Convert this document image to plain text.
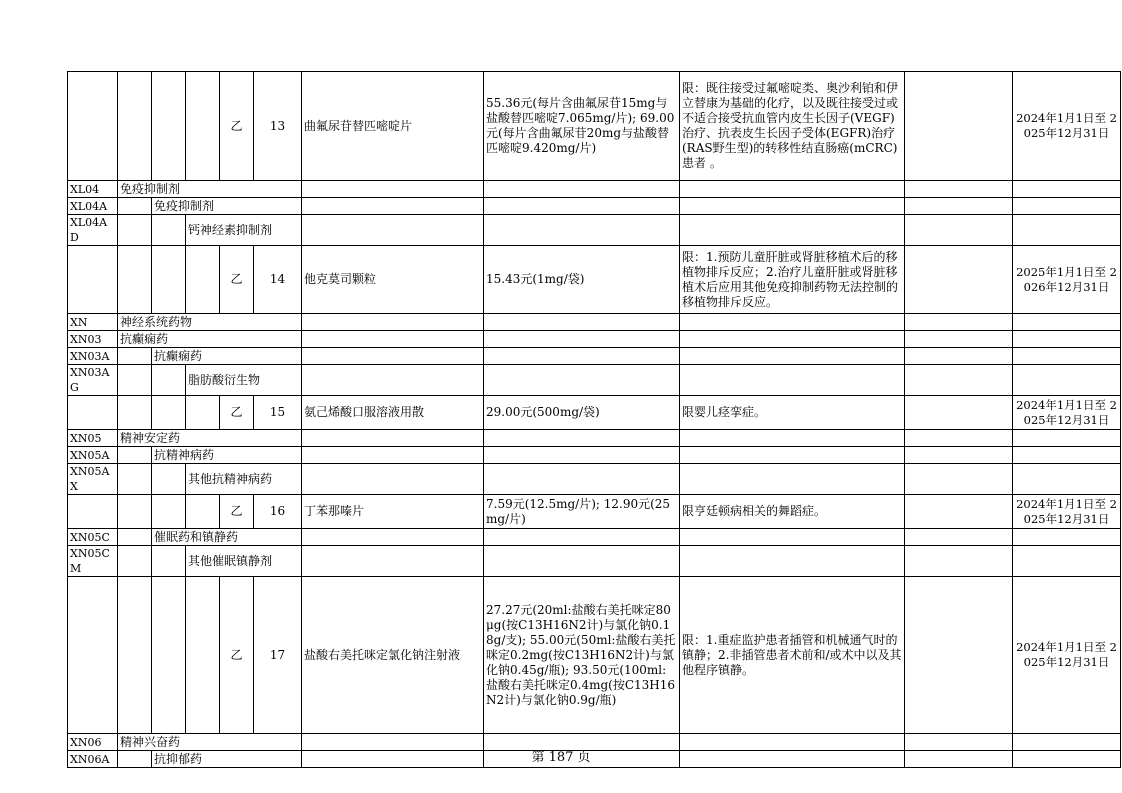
				乙	13	曲氟尿苷替匹嘧啶片	55.36元(每片含曲氟尿苷15mg与盐酸替匹嘧啶7.065mg/片); 69.00元(每片含曲氟尿苷20mg与盐酸替匹嘧啶9.420mg/片)	限：既往接受过氟嘧啶类、奥沙利铂和伊立替康为基础的化疗，以及既往接受过或不适合接受抗血管内皮生长因子(VEGF)治疗、抗表皮生长因子受体(EGFR)治疗(RAS野生型)的转移性结直肠癌(mCRC)患者 。		2024年1月1日至 2025年12月31日
XL04	免疫抑制剂									
XL04A		免疫抑制剂								
XL04AD			钙神经素抑制剂							
				乙	14	他克莫司颗粒	15.43元(1mg/袋)	限：1.预防儿童肝脏或肾脏移植术后的移植物排斥反应；2.治疗儿童肝脏或肾脏移植术后应用其他免疫抑制药物无法控制的移植物排斥反应。		2025年1月1日至 2026年12月31日
XN	神经系统药物									
XN03	抗癫痫药									
XN03A		抗癫痫药								
XN03AG			脂肪酸衍生物							
				乙	15	氨己烯酸口服溶液用散	29.00元(500mg/袋)	限婴儿痉挛症。		2024年1月1日至 2025年12月31日
XN05	精神安定药									
XN05A		抗精神病药								
XN05AX			其他抗精神病药							
				乙	16	丁苯那嗪片	7.59元(12.5mg/片); 12.90元(25mg/片)	限亨廷顿病相关的舞蹈症。		2024年1月1日至 2025年12月31日
XN05C		催眠药和镇静药								
XN05CM			其他催眠镇静剂							
				乙	17	盐酸右美托咪定氯化钠注射液	27.27元(20ml:盐酸右美托咪定80μg(按C13H16N2计)与氯化钠0.18g/支); 55.00元(50ml:盐酸右美托咪定0.2mg(按C13H16N2计)与氯化钠0.45g/瓶); 93.50元(100ml:盐酸右美托咪定0.4mg(按C13H16N2计)与氯化钠0.9g/瓶)	限：1.重症监护患者插管和机械通气时的镇静；2.非插管患者术前和/或术中以及其他程序镇静。		2024年1月1日至 2025年12月31日
XN06	精神兴奋药									
XN06A		抗抑郁药									第 187 页
